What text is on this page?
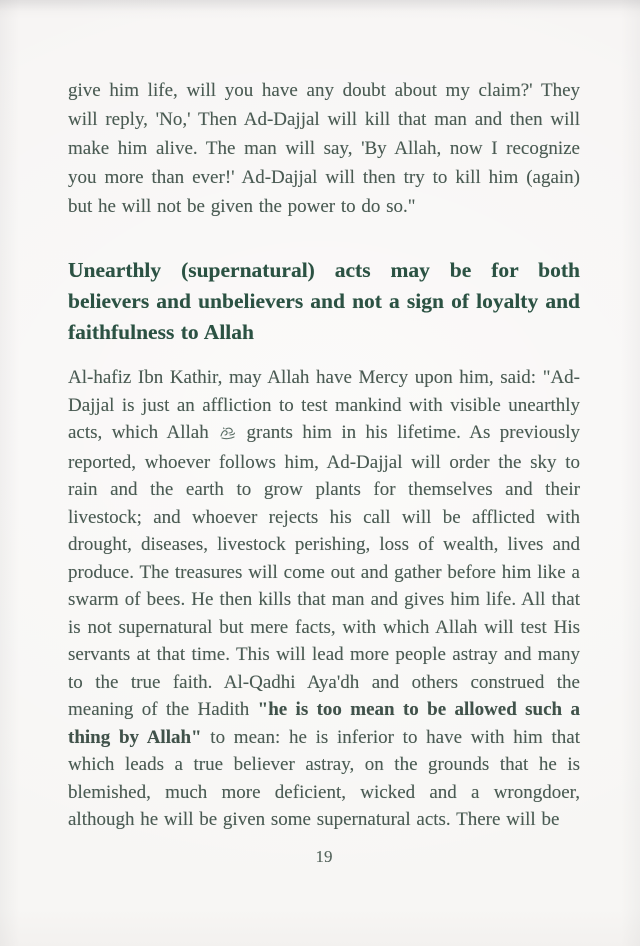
give him life, will you have any doubt about my claim?' They will reply, 'No,' Then Ad-Dajjal will kill that man and then will make him alive. The man will say, 'By Allah, now I recognize you more than ever!' Ad-Dajjal will then try to kill him (again) but he will not be given the power to do so."

Unearthly (supernatural) acts may be for both believers and unbelievers and not a sign of loyalty and faithfulness to Allah

Al-hafiz Ibn Kathir, may Allah have Mercy upon him, said: "Ad-Dajjal is just an affliction to test mankind with visible unearthly acts, which Allah grants him in his lifetime. As previously reported, whoever follows him, Ad-Dajjal will order the sky to rain and the earth to grow plants for themselves and their livestock; and whoever rejects his call will be afflicted with drought, diseases, livestock perishing, loss of wealth, lives and produce. The treasures will come out and gather before him like a swarm of bees. He then kills that man and gives him life. All that is not supernatural but mere facts, with which Allah will test His servants at that time. This will lead more people astray and many to the true faith. Al-Qadhi Aya'dh and others construed the meaning of the Hadith "he is too mean to be allowed such a thing by Allah" to mean: he is inferior to have with him that which leads a true believer astray, on the grounds that he is blemished, much more deficient, wicked and a wrongdoer, although he will be given some supernatural acts. There will be

19
